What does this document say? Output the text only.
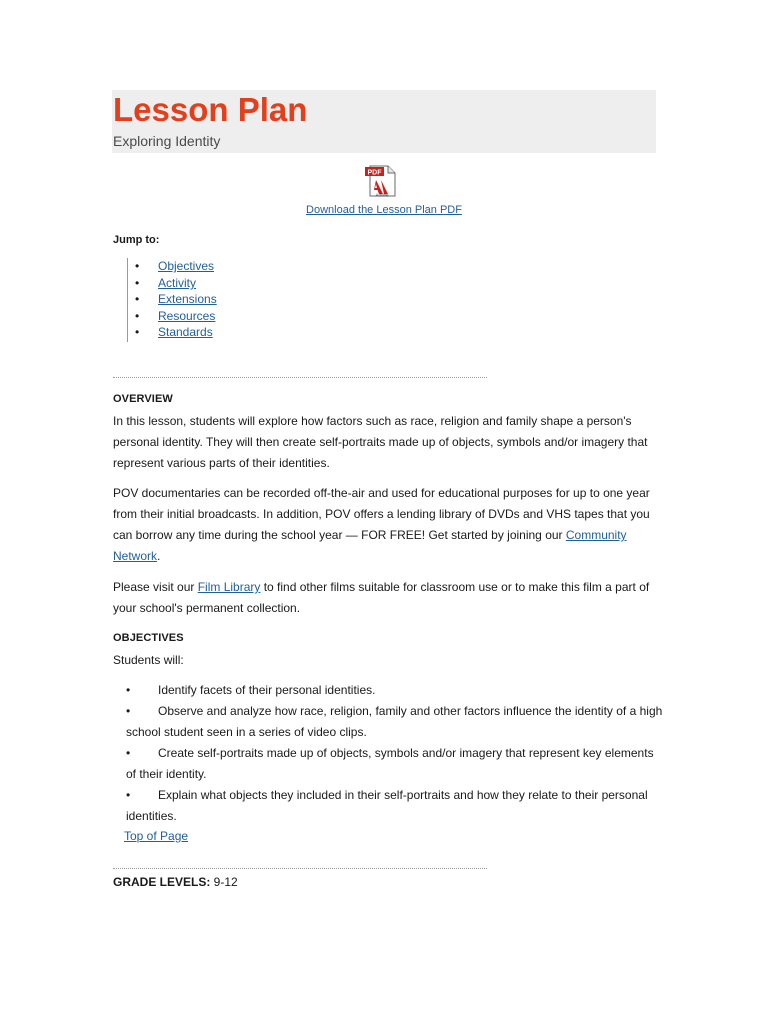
Lesson Plan
Exploring Identity
PDF
Adobe
Download the Lesson Plan PDF
Jump to:
• Objectives
• Activity
• Extensions
• Resources
• Standards
OVERVIEW
In this lesson, students will explore how factors such as race, religion and family shape a person's personal identity. They will then create self-portraits made up of objects, symbols and/or imagery that represent various parts of their identities.
POV documentaries can be recorded off-the-air and used for educational purposes for up to one year from their initial broadcasts. In addition, POV offers a lending library of DVDs and VHS tapes that you can borrow any time during the school year — FOR FREE! Get started by joining our Community Network.
Please visit our Film Library to find other films suitable for classroom use or to make this film a part of your school's permanent collection.
OBJECTIVES
Students will:
• Identify facets of their personal identities.
• Observe and analyze how race, religion, family and other factors influence the identity of a high school student seen in a series of video clips.
• Create self-portraits made up of objects, symbols and/or imagery that represent key elements of their identity.
• Explain what objects they included in their self-portraits and how they relate to their personal identities.
Top of Page
GRADE LEVELS: 9-12
